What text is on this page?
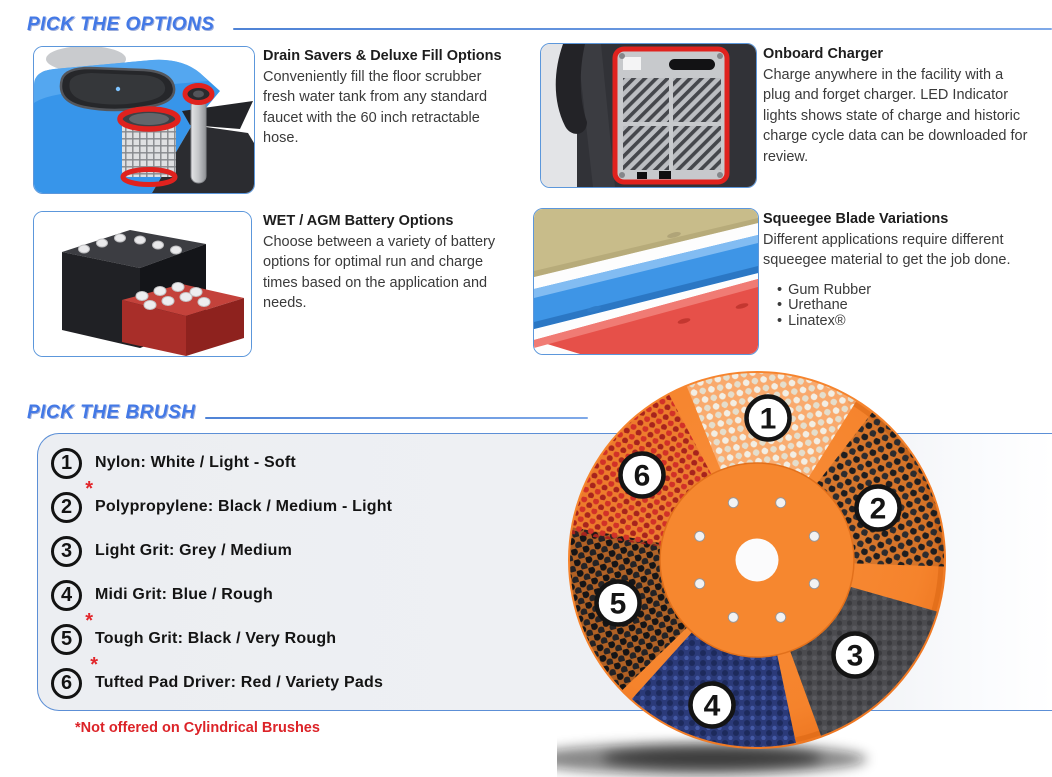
PICK THE OPTIONS
Drain Savers & Deluxe Fill Options
Conveniently fill the floor scrubber fresh water tank from any standard faucet with the 60 inch retractable hose.
Onboard Charger
Charge anywhere in the facility with a plug and forget charger. LED Indicator lights shows state of charge and historic charge cycle data can be downloaded for review.
WET / AGM Battery Options
Choose between a variety of battery options for optimal run and charge times based on the application and needs.
Squeegee Blade Variations
Different applications require different squeegee material to get the job done.
• Gum Rubber
• Urethane
• Linatex®
PICK THE BRUSH
1 Nylon: White / Light - Soft
2
*
Polypropylene: Black / Medium - Light
3 Light Grit: Grey / Medium
4 Midi Grit: Blue / Rough
5
*
Tough Grit: Black / Very Rough
6
*
Tufted Pad Driver: Red / Variety Pads
*Not offered on Cylindrical Brushes
1
2
3
4
5
6
